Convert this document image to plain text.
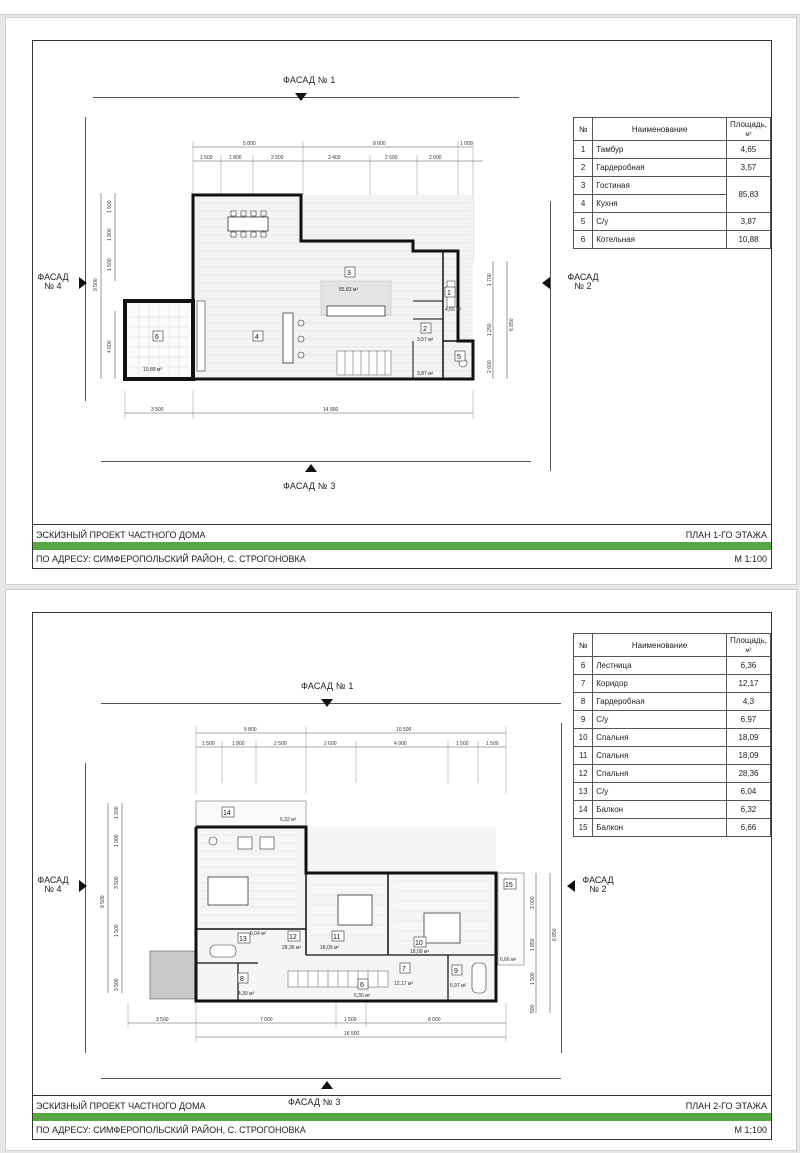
ФАСАД № 1
ФАСАД № 3
ФАСАД
№ 4
ФАСАД
№ 2
5 800	8 000	1 000
1 500	1 800	2 500	3 400	2 600	2 000
9 500
4 600
1 500
1 900
1 500
6 850
1 700
1 250
2 600
3 500	14 800
1
2
3
4
5
6
4,65 м²
3,57 м²
85,83 м²
3,87 м²
10,88 м²
№	Наименование	Площадь,
м²
1	Тамбур	4,65
2	Гардеробная	3,57
3	Гостиная	85,83
4	Кухня	
5	С/у	3,87
6	Котельная	10,88
ЭСКИЗНЫЙ ПРОЕКТ ЧАСТНОГО ДОМА	ПЛАН 1-ГО ЭТАЖА
ПО АДРЕСУ: СИМФЕРОПОЛЬСКИЙ РАЙОН, С. СТРОГОНОВКА	М 1:100
ФАСАД № 1
ФАСАД № 3
ФАСАД
№ 4
ФАСАД
№ 2
5 800	10 500
1 500	1 800	2 500	2 600	4 900	1 500	1 500
9 500
3 500
1 500
1 200
3 500
1 000
3 000
1 850
1 500
6 850
500
3 500	7 000	1 500	8 000
16 500
6
7
8
9
10
11
12
13
14
15
6,32 м²
6,04 м²
28,36 м²	18,09 м²
18,09 м²
6,66 м²
4,30 м²	6,36 м²
12,17 м²	6,97 м²
№	Наименование	Площадь,
м²
6	Лестница	6,36
7	Коридор	12,17
8	Гардеробная	4,3
9	С/у	6,97
10	Спальня	18,09
11	Спальня	18,09
12	Спальня	28,36
13	С/у	6,04
14	Балкон	6,32
15	Балкон	6,66
ЭСКИЗНЫЙ ПРОЕКТ ЧАСТНОГО ДОМА	ПЛАН 2-ГО ЭТАЖА
ПО АДРЕСУ: СИМФЕРОПОЛЬСКИЙ РАЙОН, С. СТРОГОНОВКА	М 1:100
